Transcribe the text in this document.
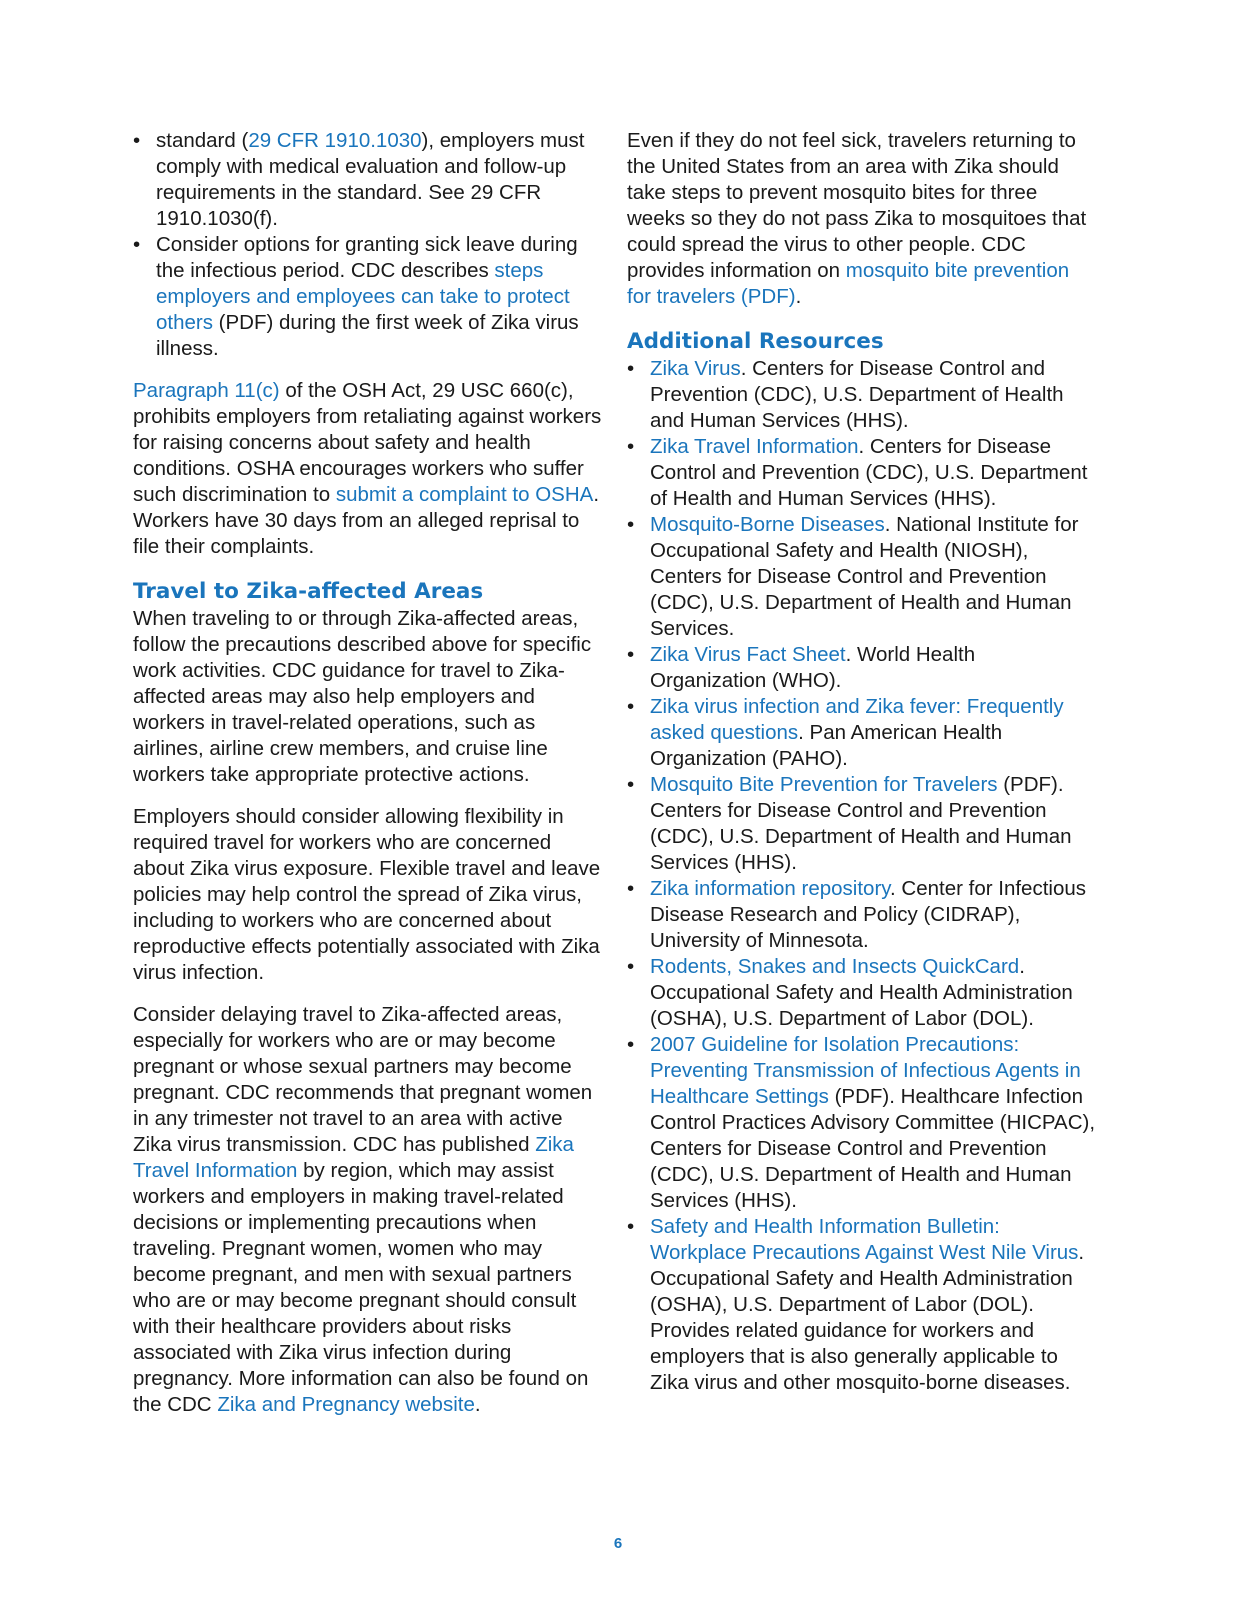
• standard (29 CFR 1910.1030), employers must comply with medical evaluation and follow-up requirements in the standard. See 29 CFR 1910.1030(f).
• Consider options for granting sick leave during the infectious period. CDC describes steps employers and employees can take to protect others (PDF) during the first week of Zika virus illness.

Paragraph 11(c) of the OSH Act, 29 USC 660(c), prohibits employers from retaliating against workers for raising concerns about safety and health conditions. OSHA encourages workers who suffer such discrimination to submit a complaint to OSHA. Workers have 30 days from an alleged reprisal to file their complaints.

Travel to Zika-affected Areas

When traveling to or through Zika-affected areas, follow the precautions described above for specific work activities. CDC guidance for travel to Zika-affected areas may also help employers and workers in travel-related operations, such as airlines, airline crew members, and cruise line workers take appropriate protective actions.

Employers should consider allowing flexibility in required travel for workers who are concerned about Zika virus exposure. Flexible travel and leave policies may help control the spread of Zika virus, including to workers who are concerned about reproductive effects potentially associated with Zika virus infection.

Consider delaying travel to Zika-affected areas, especially for workers who are or may become pregnant or whose sexual partners may become pregnant. CDC recommends that pregnant women in any trimester not travel to an area with active Zika virus transmission. CDC has published Zika Travel Information by region, which may assist workers and employers in making travel-related decisions or implementing precautions when traveling. Pregnant women, women who may become pregnant, and men with sexual partners who are or may become pregnant should consult with their healthcare providers about risks associated with Zika virus infection during pregnancy. More information can also be found on the CDC Zika and Pregnancy website.

Even if they do not feel sick, travelers returning to the United States from an area with Zika should take steps to prevent mosquito bites for three weeks so they do not pass Zika to mosquitoes that could spread the virus to other people. CDC provides information on mosquito bite prevention for travelers (PDF).

Additional Resources
• Zika Virus. Centers for Disease Control and Prevention (CDC), U.S. Department of Health and Human Services (HHS).
• Zika Travel Information. Centers for Disease Control and Prevention (CDC), U.S. Department of Health and Human Services (HHS).
• Mosquito-Borne Diseases. National Institute for Occupational Safety and Health (NIOSH), Centers for Disease Control and Prevention (CDC), U.S. Department of Health and Human Services.
• Zika Virus Fact Sheet. World Health Organization (WHO).
• Zika virus infection and Zika fever: Frequently asked questions. Pan American Health Organization (PAHO).
• Mosquito Bite Prevention for Travelers (PDF). Centers for Disease Control and Prevention (CDC), U.S. Department of Health and Human Services (HHS).
• Zika information repository. Center for Infectious Disease Research and Policy (CIDRAP), University of Minnesota.
• Rodents, Snakes and Insects QuickCard. Occupational Safety and Health Administration (OSHA), U.S. Department of Labor (DOL).
• 2007 Guideline for Isolation Precautions: Preventing Transmission of Infectious Agents in Healthcare Settings (PDF). Healthcare Infection Control Practices Advisory Committee (HICPAC), Centers for Disease Control and Prevention (CDC), U.S. Department of Health and Human Services (HHS).
• Safety and Health Information Bulletin: Workplace Precautions Against West Nile Virus. Occupational Safety and Health Administration (OSHA), U.S. Department of Labor (DOL). Provides related guidance for workers and employers that is also generally applicable to Zika virus and other mosquito-borne diseases.
6
